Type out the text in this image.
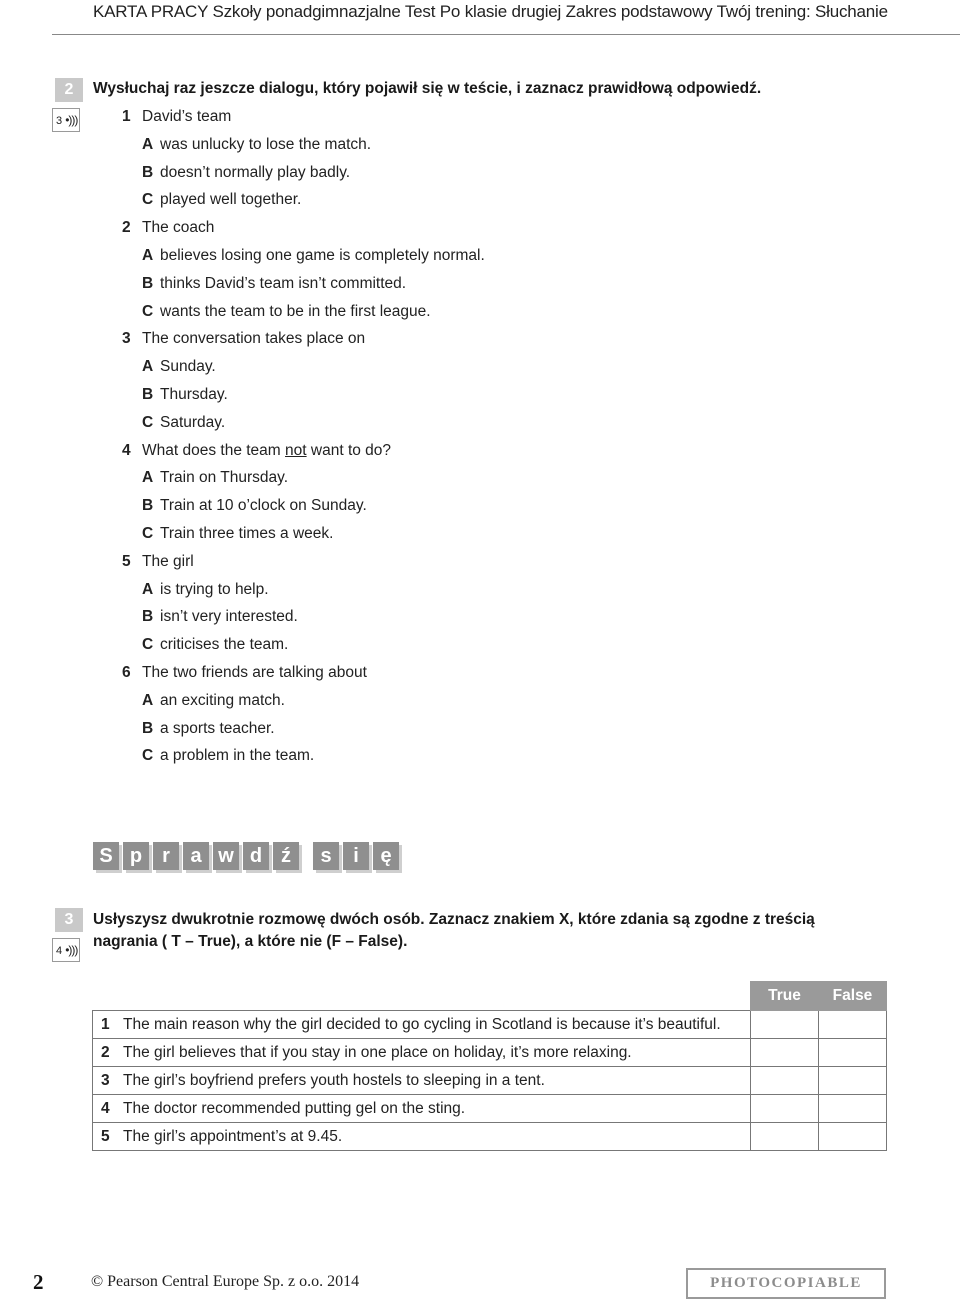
KARTA PRACY Szkoły ponadgimnazjalne Test Po klasie drugiej Zakres podstawowy Twój trening: Słuchanie
2
3 •)))
Wysłuchaj raz jeszcze dialogu, który pojawił się w teście, i zaznacz prawidłową odpowiedź.
1 David’s team
A was unlucky to lose the match.
B doesn’t normally play badly.
C played well together.
2 The coach
A believes losing one game is completely normal.
B thinks David’s team isn’t committed.
C wants the team to be in the first league.
3 The conversation takes place on
A Sunday.
B Thursday.
C Saturday.
4 What does the team not want to do?
A Train on Thursday.
B Train at 10 o’clock on Sunday.
C Train three times a week.
5 The girl
A is trying to help.
B isn’t very interested.
C criticises the team.
6 The two friends are talking about
A an exciting match.
B a sports teacher.
C a problem in the team.
S p r	a w d ź	s	i	ę
3
4 •)))
Usłyszysz dwukrotnie rozmowę dwóch osób. Zaznacz znakiem X, które zdania są zgodne z treścią
nagrania ( T – True), a które nie (F – False).
	True	False
1 The main reason why the girl decided to go cycling in Scotland is because it’s beautiful.		
2 The girl believes that if you stay in one place on holiday, it’s more relaxing.		
3 The girl’s boyfriend prefers youth hostels to sleeping in a tent.		
4 The doctor recommended putting gel on the sting.		
5 The girl’s appointment’s at 9.45.		
2	© Pearson Central Europe Sp. z o.o. 2014	PHOTOCOPIABLE
